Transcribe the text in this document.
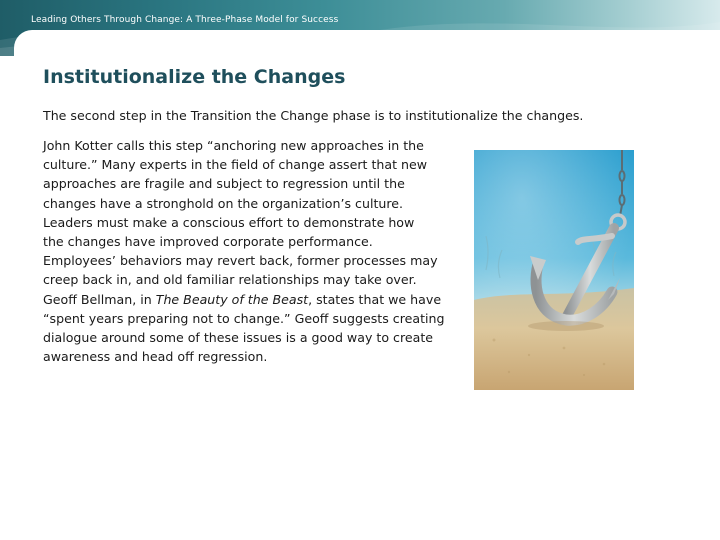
Leading Others Through Change: A Three-Phase Model for Success
Institutionalize the Changes

The second step in the Transition the Change phase is to institutionalize the changes.

John Kotter calls this step “anchoring new approaches in the
culture.” Many experts in the field of change assert that new
approaches are fragile and subject to regression until the
changes have a stronghold on the organization’s culture.
Leaders must make a conscious effort to demonstrate how
the changes have improved corporate performance.
Employees’ behaviors may revert back, former processes may
creep back in, and old familiar relationships may take over.
Geoff Bellman, in The Beauty of the Beast, states that we have
“spent years preparing not to change.” Geoff suggests creating
dialogue around some of these issues is a good way to create
awareness and head off regression.
